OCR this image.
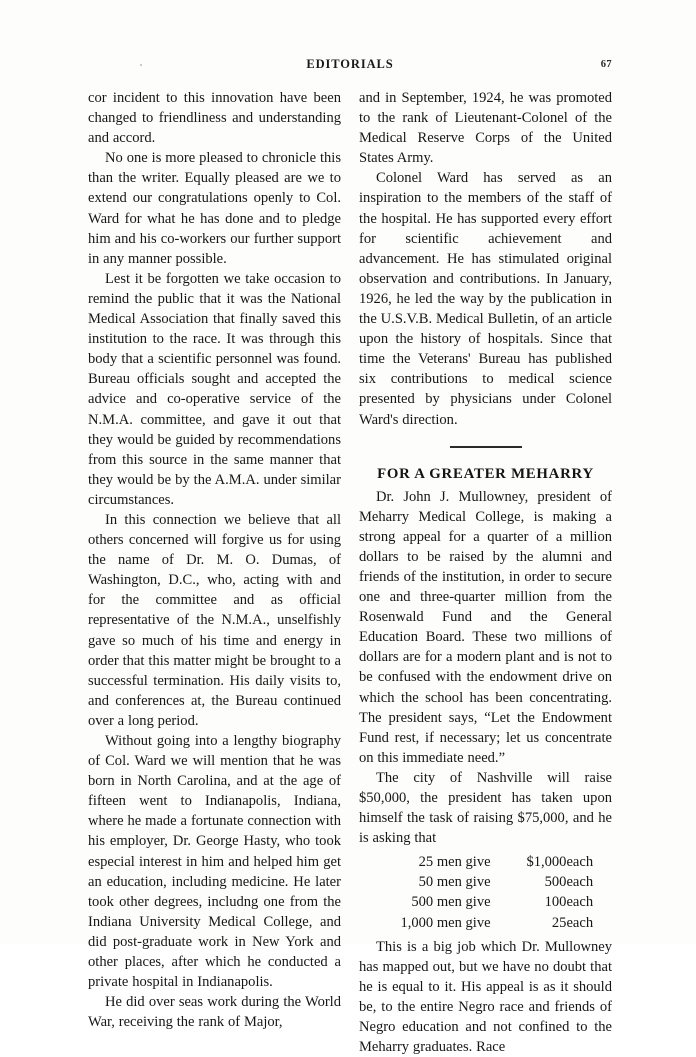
EDITORIALS	67

cor incident to this innovation have been changed to friendliness and understanding and accord.

No one is more pleased to chronicle this than the writer. Equally pleased are we to extend our congratulations openly to Col. Ward for what he has done and to pledge him and his co-workers our further support in any manner possible.

Lest it be forgotten we take occasion to remind the public that it was the National Medical Association that finally saved this institution to the race. It was through this body that a scientific personnel was found. Bureau officials sought and accepted the advice and co-operative service of the N.M.A. committee, and gave it out that they would be guided by recommendations from this source in the same manner that they would be by the A.M.A. under similar circumstances.

In this connection we believe that all others concerned will forgive us for using the name of Dr. M. O. Dumas, of Washington, D.C., who, acting with and for the committee and as official representative of the N.M.A., unselfishly gave so much of his time and energy in order that this matter might be brought to a successful termination. His daily visits to, and conferences at, the Bureau continued over a long period.

Without going into a lengthy biography of Col. Ward we will mention that he was born in North Carolina, and at the age of fifteen went to Indianapolis, Indiana, where he made a fortunate connection with his employer, Dr. George Hasty, who took especial interest in him and helped him get an education, including medicine. He later took other degrees, includng one from the Indiana University Medical College, and did post-graduate work in New York and other places, after which he conducted a private hospital in Indianapolis.

He did over seas work during the World War, receiving the rank of Major,

and in September, 1924, he was promoted to the rank of Lieutenant-Colonel of the Medical Reserve Corps of the United States Army.

Colonel Ward has served as an inspiration to the members of the staff of the hospital. He has supported every effort for scientific achievement and advancement. He has stimulated original observation and contributions. In January, 1926, he led the way by the publication in the U.S.V.B. Medical Bulletin, of an article upon the history of hospitals. Since that time the Veterans' Bureau has published six contributions to medical science presented by physicians under Colonel Ward's direction.

FOR A GREATER MEHARRY

Dr. John J. Mullowney, president of Meharry Medical College, is making a strong appeal for a quarter of a million dollars to be raised by the alumni and friends of the institution, in order to secure one and three-quarter million from the Rosenwald Fund and the General Education Board. These two millions of dollars are for a modern plant and is not to be confused with the endowment drive on which the school has been concentrating. The president says, “Let the Endowment Fund rest, if necessary; let us concentrate on this immediate need.”

The city of Nashville will raise $50,000, the president has taken upon himself the task of raising $75,000, and he is asking that

25 men give	$1,000	each
50 men give	500	each
500 men give	100	each
1,000 men give	25	each

This is a big job which Dr. Mullowney has mapped out, but we have no doubt that he is equal to it. His appeal is as it should be, to the entire Negro race and friends of Negro education and not confined to the Meharry graduates. Race
